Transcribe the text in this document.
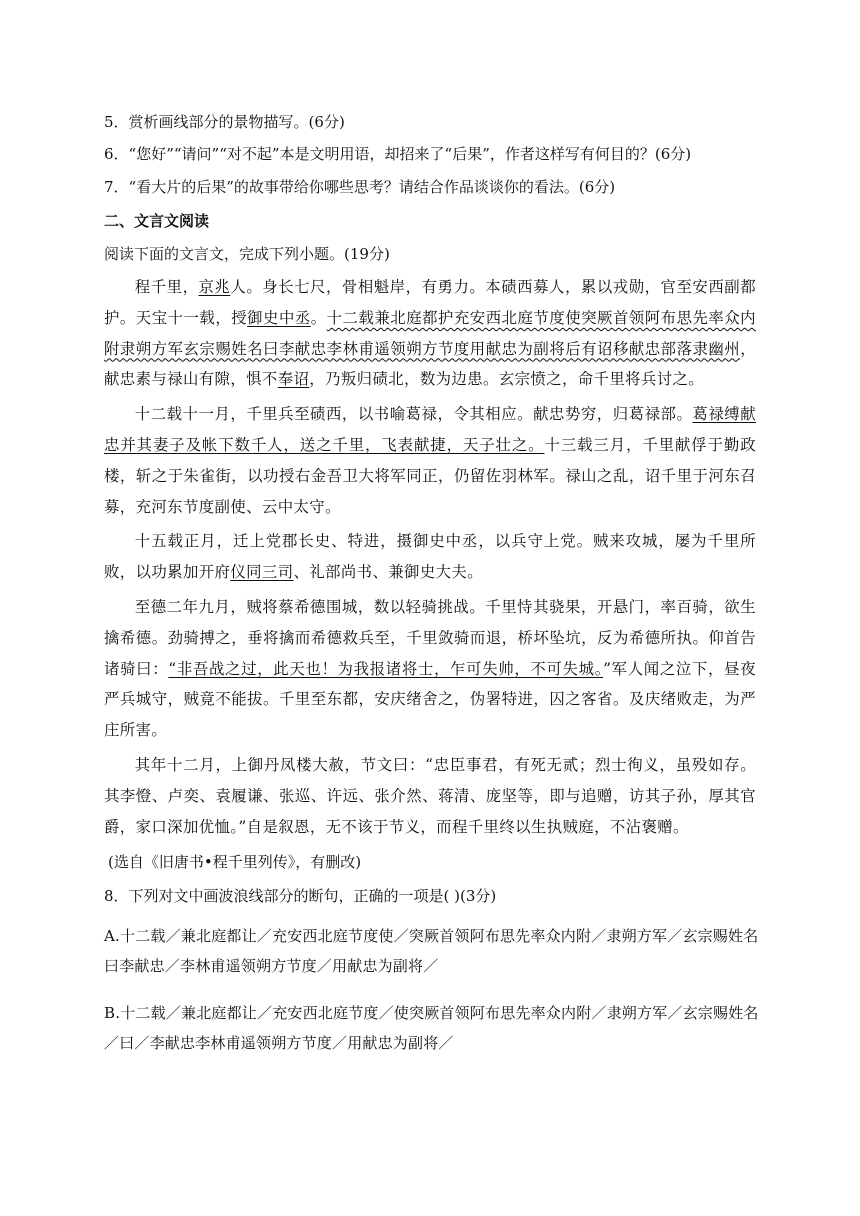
5．赏析画线部分的景物描写。(6分)
6．“您好”“请问”“对不起”本是文明用语，却招来了“后果”，作者这样写有何目的？(6分)
7．“看大片的后果”的故事带给你哪些思考？请结合作品谈谈你的看法。(6分)
二、文言文阅读
阅读下面的文言文，完成下列小题。(19分)

程千里，京兆人。身长七尺，骨相魁岸，有勇力。本碛西募人，累以戎勋，官至安西副都护。天宝十一载，授御史中丞。十二载兼北庭都护充安西北庭节度使突厥首领阿布思先率众内附隶朔方军玄宗赐姓名曰李献忠李林甫遥领朔方节度用献忠为副将后有诏移献忠部落隶幽州，献忠素与禄山有隙，惧不奉诏，乃叛归碛北，数为边患。玄宗愤之，命千里将兵讨之。

十二载十一月，千里兵至碛西，以书喻葛禄，令其相应。献忠势穷，归葛禄部。葛禄缚献忠并其妻子及帐下数千人，送之千里，飞表献捷，天子壮之。十三载三月，千里献俘于勤政楼，斩之于朱雀街，以功授右金吾卫大将军同正，仍留佐羽林军。禄山之乱，诏千里于河东召募，充河东节度副使、云中太守。

十五载正月，迁上党郡长史、特进，摄御史中丞，以兵守上党。贼来攻城，屡为千里所败，以功累加开府仪同三司、礼部尚书、兼御史大夫。

至德二年九月，贼将蔡希德围城，数以轻骑挑战。千里恃其骁果，开悬门，率百骑，欲生擒希德。劲骑搏之，垂将擒而希德救兵至，千里敛骑而退，桥坏坠坑，反为希德所执。仰首告诸骑曰：“非吾战之过，此天也！为我报诸将士，乍可失帅，不可失城。”军人闻之泣下，昼夜严兵城守，贼竟不能拔。千里至东都，安庆绪舍之，伪署特进，囚之客省。及庆绪败走，为严庄所害。

其年十二月，上御丹凤楼大赦，节文曰：“忠臣事君，有死无贰；烈士徇义，虽殁如存。其李憕、卢奕、袁履谦、张巡、许远、张介然、蒋清、庞坚等，即与追赠，访其子孙，厚其官爵，家口深加优恤。”自是叙恩，无不该于节义，而程千里终以生执贼庭，不沾褒赠。

(选自《旧唐书•程千里列传》，有删改)
8．下列对文中画波浪线部分的断句，正确的一项是( )(3分)
A.十二载／兼北庭都让／充安西北庭节度使／突厥首领阿布思先率众内附／隶朔方军／玄宗赐姓名曰李献忠／李林甫遥领朔方节度／用献忠为副将／
B.十二载／兼北庭都让／充安西北庭节度／使突厥首领阿布思先率众内附／隶朔方军／玄宗赐姓名／曰／李献忠李林甫遥领朔方节度／用献忠为副将／
